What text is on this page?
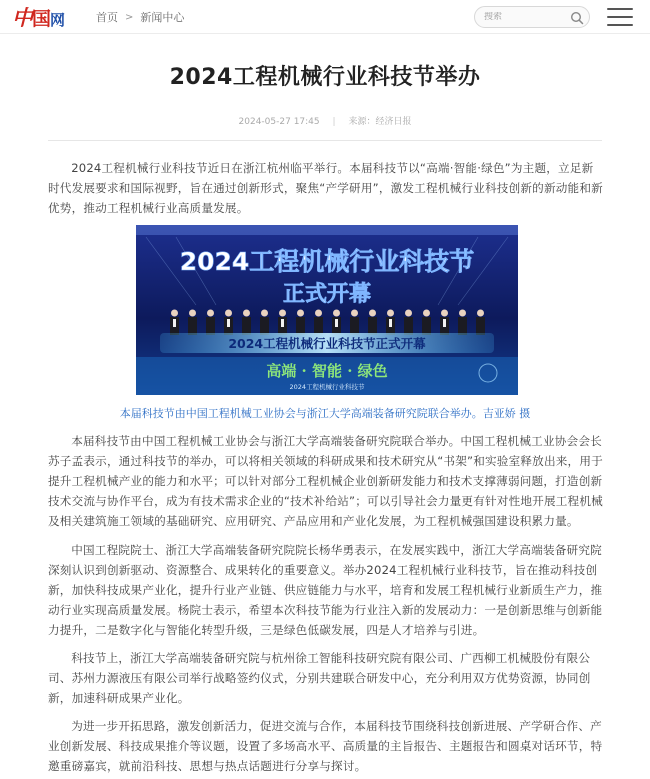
中 国
网	首页 > 新闻中心
搜索
2024工程机械行业科技节举办
2024-05-27 17:45 | 来源：经济日报

2024工程机械行业科技节近日在浙江杭州临平举行。本届科技节以“高端·智能·绿色”为主题，立足新时代发展要求和国际视野，旨在通过创新形式，聚焦“产学研用”，激发工程机械行业科技创新的新动能和新优势，推动工程机械行业高质量发展。

2024工程机械行业科技节
正式开幕
2024工程机械行业科技节正式开幕
高端 · 智能 · 绿色
2024工程机械行业科技节
本届科技节由中国工程机械工业协会与浙江大学高端装备研究院联合举办。吉亚娇 摄

本届科技节由中国工程机械工业协会与浙江大学高端装备研究院联合举办。中国工程机械工业协会会长苏子孟表示，通过科技节的举办，可以将相关领域的科研成果和技术研究从“书架”和实验室释放出来，用于提升工程机械产业的能力和水平；可以针对部分工程机械企业创新研发能力和技术支撑薄弱问题，打造创新技术交流与协作平台，成为有技术需求企业的“技术补给站”；可以引导社会力量更有针对性地开展工程机械及相关建筑施工领域的基础研究、应用研究、产品应用和产业化发展，为工程机械强国建设积累力量。

中国工程院院士、浙江大学高端装备研究院院长杨华勇表示，在发展实践中，浙江大学高端装备研究院深刻认识到创新驱动、资源整合、成果转化的重要意义。举办2024工程机械行业科技节，旨在推动科技创新，加快科技成果产业化，提升行业产业链、供应链能力与水平，培育和发展工程机械行业新质生产力，推动行业实现高质量发展。杨院士表示，希望本次科技节能为行业注入新的发展动力：一是创新思维与创新能力提升，二是数字化与智能化转型升级，三是绿色低碳发展，四是人才培养与引进。

科技节上，浙江大学高端装备研究院与杭州徐工智能科技研究院有限公司、广西柳工机械股份有限公司、苏州力源液压有限公司举行战略签约仪式，分别共建联合研发中心，充分利用双方优势资源，协同创新，加速科研成果产业化。

为进一步开拓思路，激发创新活力，促进交流与合作，本届科技节围绕科技创新进展、产学研合作、产业创新发展、科技成果推介等议题，设置了多场高水平、高质量的主旨报告、主题报告和圆桌对话环节，特邀重磅嘉宾，就前沿科技、思想与热点话题进行分享与探讨。
